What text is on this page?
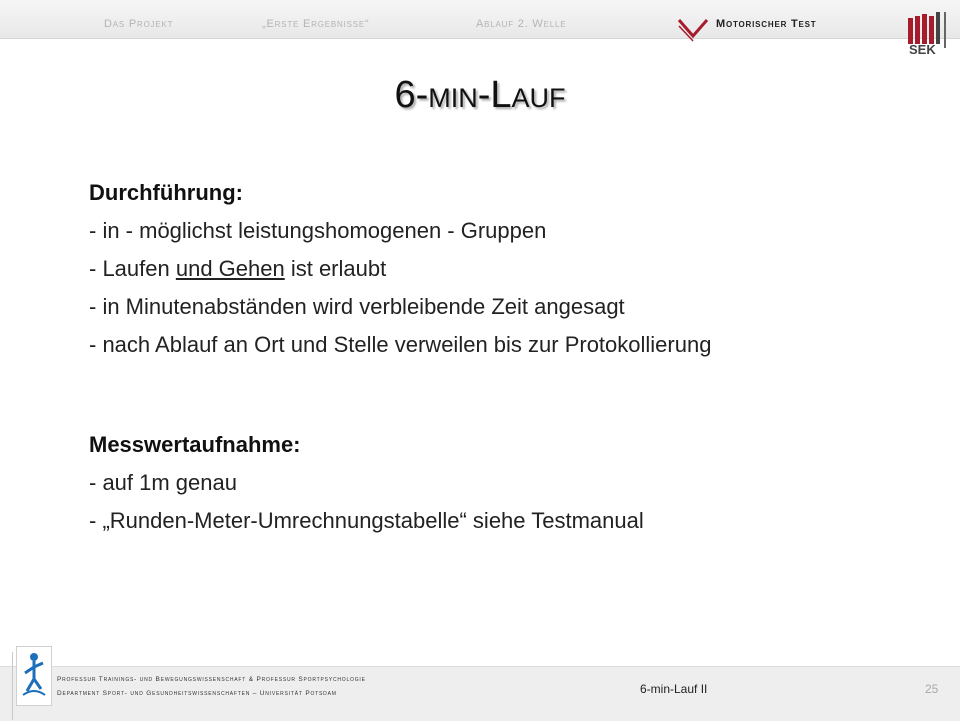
Das Projekt	„Erste Ergebnisse“	Ablauf 2. Welle	Motorischer Test
SEK
6-min-Lauf
Durchführung:
- in - möglichst leistungshomogenen - Gruppen
- Laufen und Gehen ist erlaubt
- in Minutenabständen wird verbleibende Zeit angesagt
- nach Ablauf an Ort und Stelle verweilen bis zur Protokollierung
Messwertaufnahme:
- auf 1m genau
- „Runden-Meter-Umrechnungstabelle“ siehe Testmanual
Professur Trainings- und Bewegungswissenschaft & Professur Sportpsychologie
Department Sport- und Gesundheitswissenschaften – Universität Potsdam	6-min-Lauf II	25
